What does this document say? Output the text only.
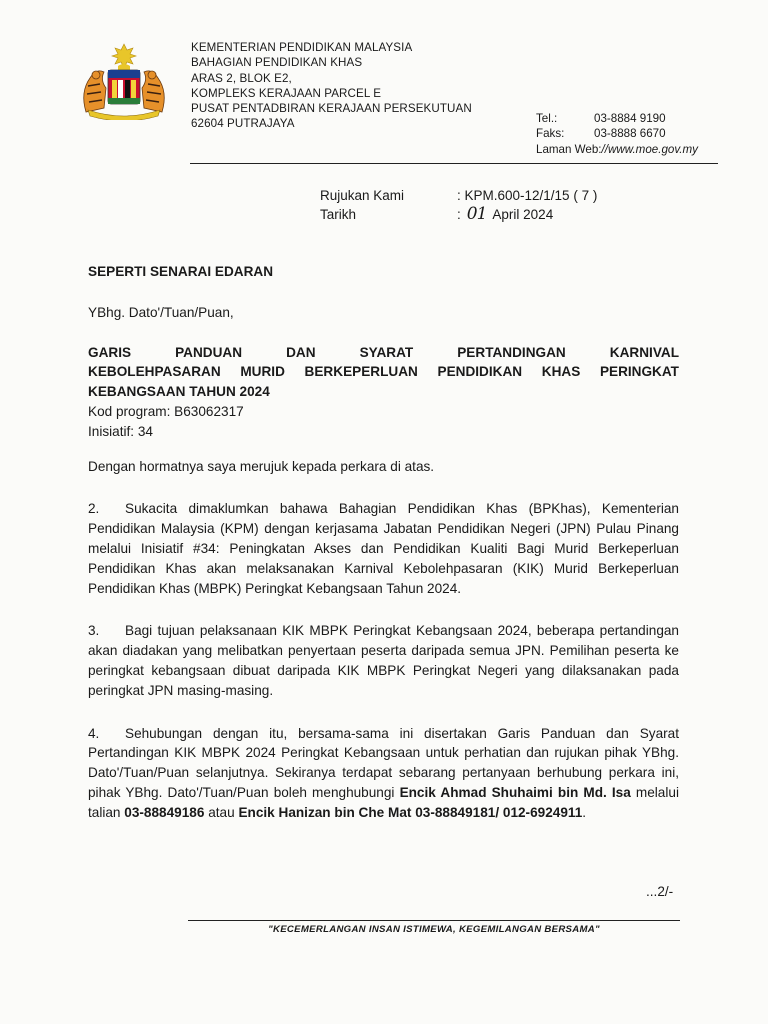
KEMENTERIAN PENDIDIKAN MALAYSIA
BAHAGIAN PENDIDIKAN KHAS
ARAS 2, BLOK E2,
KOMPLEKS KERAJAAN PARCEL E
PUSAT PENTADBIRAN KERAJAAN PERSEKUTUAN
62604 PUTRAJAYA	Tel.:	03-8884 9190
Faks:	03-8888 6670
Laman Web: //www.moe.gov.my
Rujukan Kami	: KPM.600-12/1/15 ( 7 )
Tarikh	: 01 April 2024

SEPERTI SENARAI EDARAN

YBhg. Dato'/Tuan/Puan,

GARIS PANDUAN DAN SYARAT PERTANDINGAN KARNIVAL
KEBOLEHPASARAN MURID BERKEPERLUAN PENDIDIKAN KHAS PERINGKAT KEBANGSAAN TAHUN 2024

Kod program: B63062317

Inisiatif: 34

Dengan hormatnya saya merujuk kepada perkara di atas.

2. Sukacita dimaklumkan bahawa Bahagian Pendidikan Khas (BPKhas), Kementerian Pendidikan Malaysia (KPM) dengan kerjasama Jabatan Pendidikan Negeri (JPN) Pulau Pinang melalui Inisiatif #34: Peningkatan Akses dan Pendidikan Kualiti Bagi Murid Berkeperluan Pendidikan Khas akan melaksanakan Karnival Kebolehpasaran (KIK) Murid Berkeperluan Pendidikan Khas (MBPK) Peringkat Kebangsaan Tahun 2024.

3. Bagi tujuan pelaksanaan KIK MBPK Peringkat Kebangsaan 2024, beberapa pertandingan akan diadakan yang melibatkan penyertaan peserta daripada semua JPN. Pemilihan peserta ke peringkat kebangsaan dibuat daripada KIK MBPK Peringkat Negeri yang dilaksanakan pada peringkat JPN masing-masing.

4. Sehubungan dengan itu, bersama-sama ini disertakan Garis Panduan dan Syarat Pertandingan KIK MBPK 2024 Peringkat Kebangsaan untuk perhatian dan rujukan pihak YBhg. Dato'/Tuan/Puan selanjutnya. Sekiranya terdapat sebarang pertanyaan berhubung perkara ini, pihak YBhg. Dato'/Tuan/Puan boleh menghubungi Encik Ahmad Shuhaimi bin Md. Isa melalui talian 03-88849186 atau Encik Hanizan bin Che Mat 03-88849181/ 012-6924911.

...2/-
"KECEMERLANGAN INSAN ISTIMEWA, KEGEMILANGAN BERSAMA"
